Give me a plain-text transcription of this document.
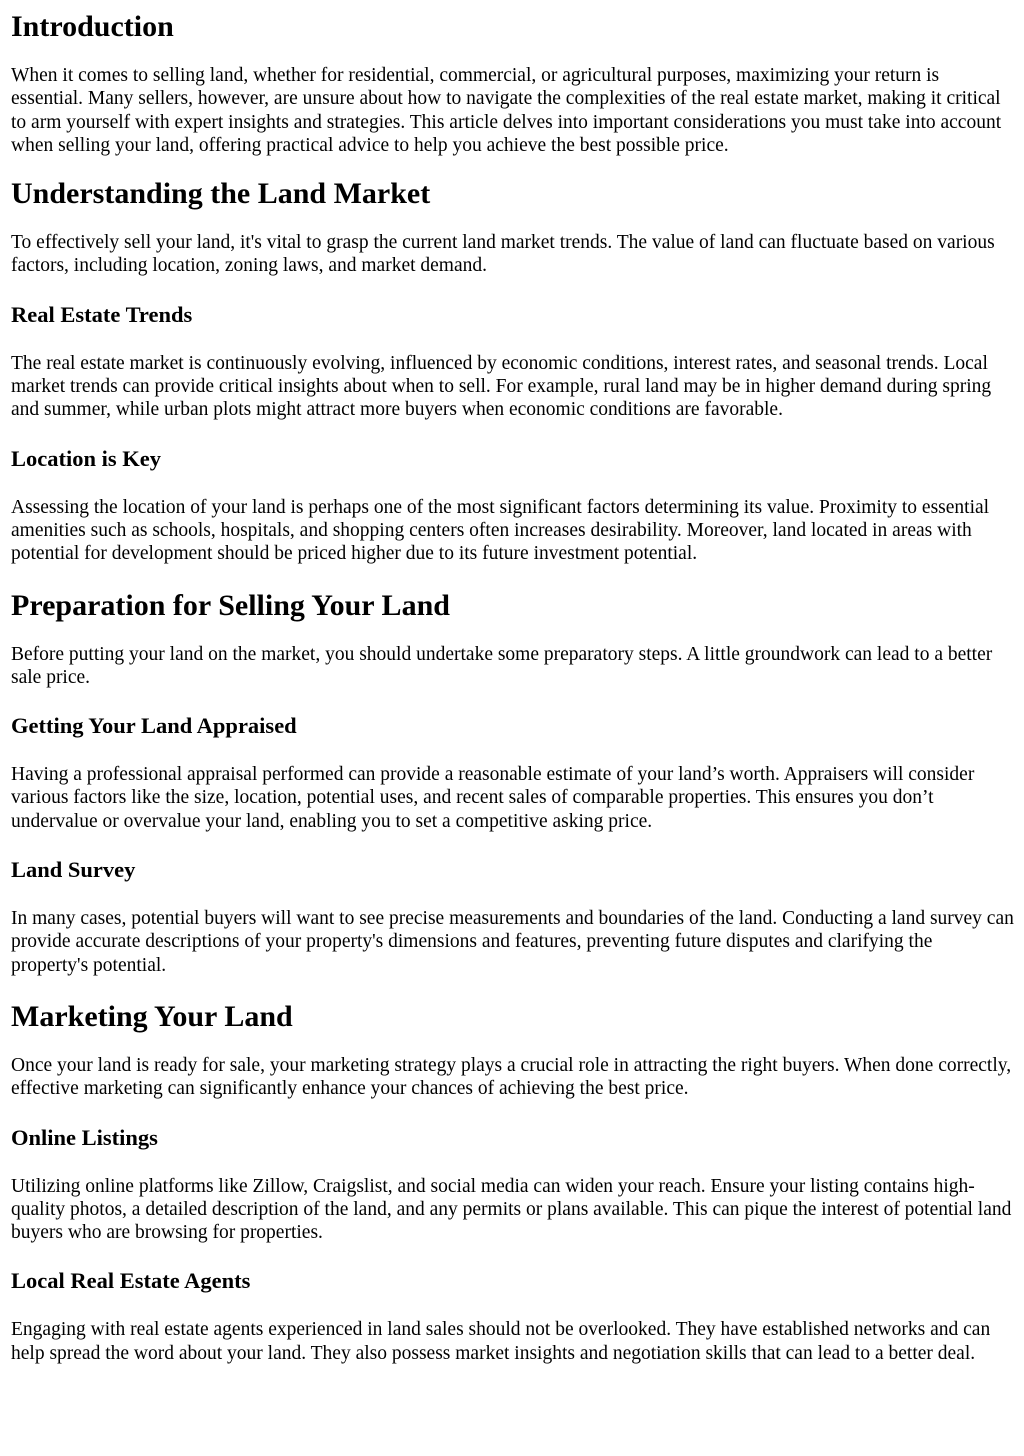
Introduction

When it comes to selling land, whether for residential, commercial, or agricultural purposes, maximizing your return is essential. Many sellers, however, are unsure about how to navigate the complexities of the real estate market, making it critical to arm yourself with expert insights and strategies. This article delves into important considerations you must take into account when selling your land, offering practical advice to help you achieve the best possible price.

Understanding the Land Market

To effectively sell your land, it's vital to grasp the current land market trends. The value of land can fluctuate based on various factors, including location, zoning laws, and market demand.

Real Estate Trends

The real estate market is continuously evolving, influenced by economic conditions, interest rates, and seasonal trends. Local market trends can provide critical insights about when to sell. For example, rural land may be in higher demand during spring and summer, while urban plots might attract more buyers when economic conditions are favorable.

Location is Key

Assessing the location of your land is perhaps one of the most significant factors determining its value. Proximity to essential amenities such as schools, hospitals, and shopping centers often increases desirability. Moreover, land located in areas with potential for development should be priced higher due to its future investment potential.

Preparation for Selling Your Land

Before putting your land on the market, you should undertake some preparatory steps. A little groundwork can lead to a better sale price.

Getting Your Land Appraised

Having a professional appraisal performed can provide a reasonable estimate of your land’s worth. Appraisers will consider various factors like the size, location, potential uses, and recent sales of comparable properties. This ensures you don’t undervalue or overvalue your land, enabling you to set a competitive asking price.

Land Survey

In many cases, potential buyers will want to see precise measurements and boundaries of the land. Conducting a land survey can provide accurate descriptions of your property's dimensions and features, preventing future disputes and clarifying the property's potential.

Marketing Your Land

Once your land is ready for sale, your marketing strategy plays a crucial role in attracting the right buyers. When done correctly, effective marketing can significantly enhance your chances of achieving the best price.

Online Listings

Utilizing online platforms like Zillow, Craigslist, and social media can widen your reach. Ensure your listing contains high-quality photos, a detailed description of the land, and any permits or plans available. This can pique the interest of potential land buyers who are browsing for properties.

Local Real Estate Agents

Engaging with real estate agents experienced in land sales should not be overlooked. They have established networks and can help spread the word about your land. They also possess market insights and negotiation skills that can lead to a better deal.
